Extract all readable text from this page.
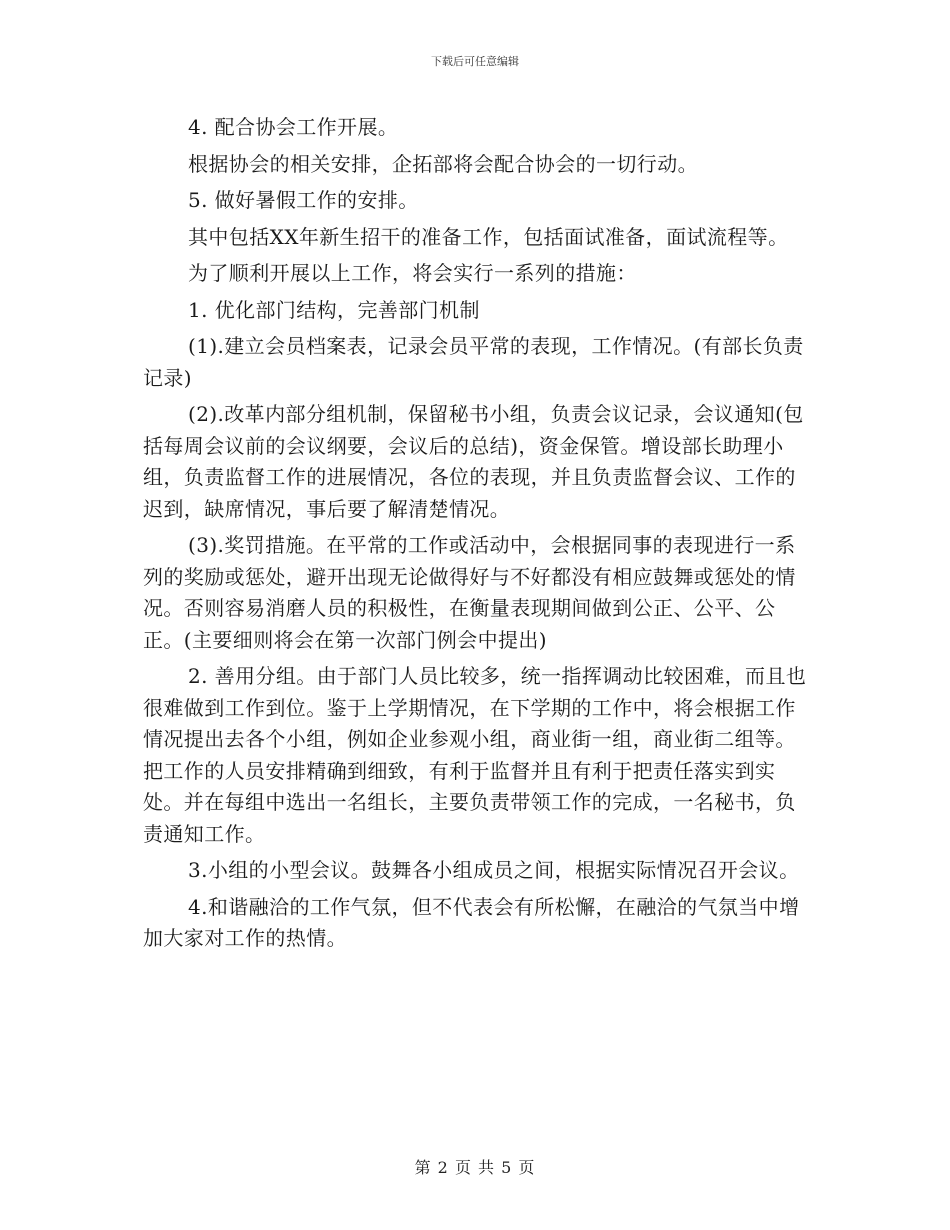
下载后可任意编辑

4. 配合协会工作开展。

根据协会的相关安排，企拓部将会配合协会的一切行动。

5. 做好暑假工作的安排。

其中包括XX年新生招干的准备工作，包括面试准备，面试流程等。

为了顺利开展以上工作，将会实行一系列的措施：

1. 优化部门结构，完善部门机制

(1).建立会员档案表，记录会员平常的表现，工作情况。(有部长负责记录)

(2).改革内部分组机制，保留秘书小组，负责会议记录，会议通知(包括每周会议前的会议纲要，会议后的总结)，资金保管。增设部长助理小组，负责监督工作的进展情况，各位的表现，并且负责监督会议、工作的迟到，缺席情况，事后要了解清楚情况。

(3).奖罚措施。在平常的工作或活动中，会根据同事的表现进行一系列的奖励或惩处，避开出现无论做得好与不好都没有相应鼓舞或惩处的情况。否则容易消磨人员的积极性，在衡量表现期间做到公正、公平、公正。(主要细则将会在第一次部门例会中提出)

2. 善用分组。由于部门人员比较多，统一指挥调动比较困难，而且也很难做到工作到位。鉴于上学期情况，在下学期的工作中，将会根据工作情况提出去各个小组，例如企业参观小组，商业街一组，商业街二组等。把工作的人员安排精确到细致，有利于监督并且有利于把责任落实到实处。并在每组中选出一名组长，主要负责带领工作的完成，一名秘书，负责通知工作。

3.小组的小型会议。鼓舞各小组成员之间，根据实际情况召开会议。

4.和谐融洽的工作气氛，但不代表会有所松懈，在融洽的气氛当中增加大家对工作的热情。

第 2 页 共 5 页
